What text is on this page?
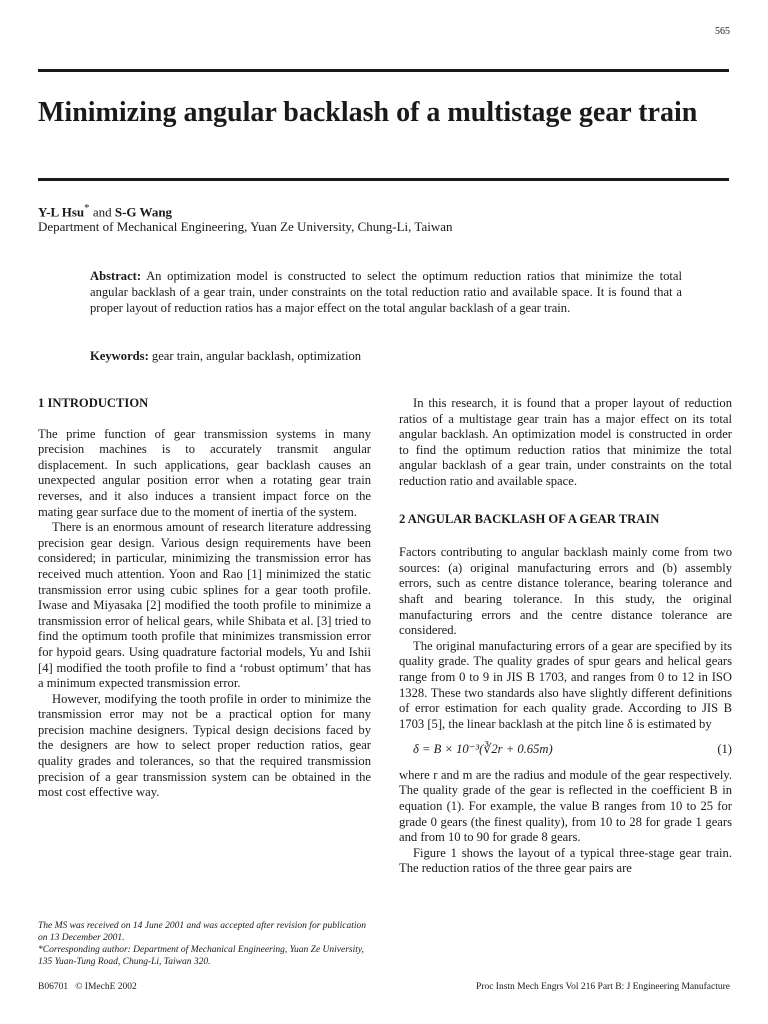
565
Minimizing angular backlash of a multistage gear train
Y-L Hsu* and S-G Wang
Department of Mechanical Engineering, Yuan Ze University, Chung-Li, Taiwan

Abstract: An optimization model is constructed to select the optimum reduction ratios that minimize the total angular backlash of a gear train, under constraints on the total reduction ratio and available space. It is found that a proper layout of reduction ratios has a major effect on the total angular backlash of a gear train.

Keywords: gear train, angular backlash, optimization

1 INTRODUCTION

The prime function of gear transmission systems in many precision machines is to accurately transmit angular displacement. In such applications, gear backlash causes an unexpected angular position error when a rotating gear train reverses, and it also induces a transient impact force on the mating gear surface due to the moment of inertia of the system.

There is an enormous amount of research literature addressing precision gear design. Various design requirements have been considered; in particular, minimizing the transmission error has received much attention. Yoon and Rao [1] minimized the static transmission error using cubic splines for a gear tooth profile. Iwase and Miyasaka [2] modified the tooth profile to minimize a transmission error of helical gears, while Shibata et al. [3] tried to find the optimum tooth profile that minimizes transmission error for hypoid gears. Using quadrature factorial models, Yu and Ishii [4] modified the tooth profile to find a ‘robust optimum’ that has a minimum expected transmission error.

However, modifying the tooth profile in order to minimize the transmission error may not be a practical option for many precision machine designers. Typical design decisions faced by the designers are how to select proper reduction ratios, gear quality grades and tolerances, so that the required transmission precision of a gear transmission system can be obtained in the most cost effective way.

In this research, it is found that a proper layout of reduction ratios of a multistage gear train has a major effect on its total angular backlash. An optimization model is constructed in order to find the optimum reduction ratios that minimize the total angular backlash of a gear train, under constraints on the total reduction ratio and available space.

2 ANGULAR BACKLASH OF A GEAR TRAIN

Factors contributing to angular backlash mainly come from two sources: (a) original manufacturing errors and (b) assembly errors, such as centre distance tolerance, bearing tolerance and shaft and bearing tolerance. In this study, the original manufacturing errors and the centre distance tolerance are considered.

The original manufacturing errors of a gear are specified by its quality grade. The quality grades of spur gears and helical gears range from 0 to 9 in JIS B 1703, and ranges from 0 to 12 in ISO 1328. These two standards also have slightly different definitions of error estimation for each quality grade. According to JIS B 1703 [5], the linear backlash at the pitch line δ is estimated by

δ = B × 10⁻³(∛2r + 0.65m)	(1)

where r and m are the radius and module of the gear respectively. The quality grade of the gear is reflected in the coefficient B in equation (1). For example, the value B ranges from 10 to 25 for grade 0 gears (the finest quality), from 10 to 28 for grade 1 gears and from 10 to 90 for grade 8 gears.

Figure 1 shows the layout of a typical three-stage gear train. The reduction ratios of the three gear pairs are

The MS was received on 14 June 2001 and was accepted after revision for publication on 13 December 2001.

*Corresponding author: Department of Mechanical Engineering, Yuan Ze University, 135 Yuan-Tung Road, Chung-Li, Taiwan 320.

B06701 © IMechE 2002	Proc Instn Mech Engrs Vol 216 Part B: J Engineering Manufacture
